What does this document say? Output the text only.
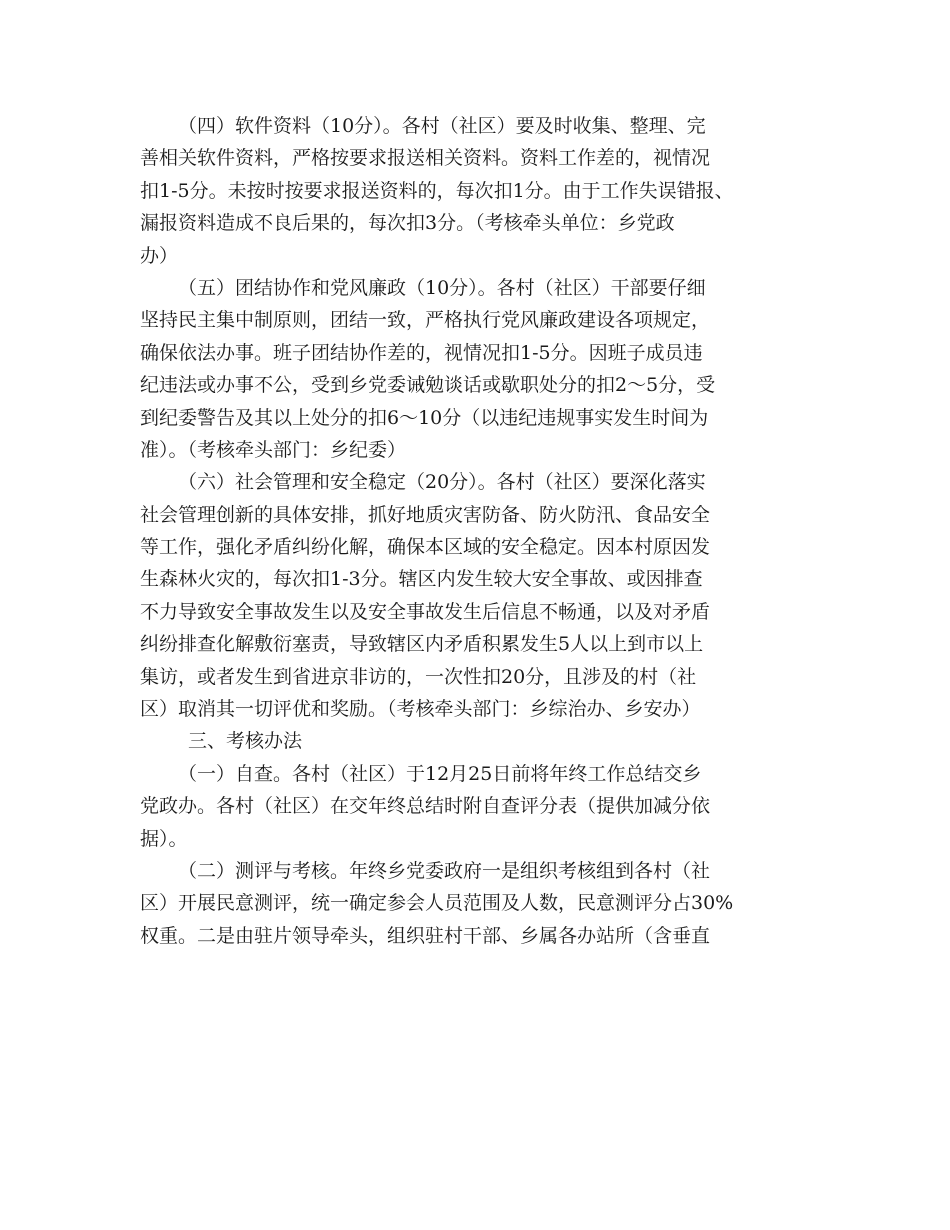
（四）软件资料（10分）。各村（社区）要及时收集、整理、完
善相关软件资料，严格按要求报送相关资料。资料工作差的，视情况
扣1-5分。未按时按要求报送资料的，每次扣1分。由于工作失误错报、
漏报资料造成不良后果的，每次扣3分。（考核牵头单位：乡党政
办）
（五）团结协作和党风廉政（10分）。各村（社区）干部要仔细
坚持民主集中制原则，团结一致，严格执行党风廉政建设各项规定，
确保依法办事。班子团结协作差的，视情况扣1-5分。因班子成员违
纪违法或办事不公，受到乡党委诫勉谈话或歇职处分的扣2～5分，受
到纪委警告及其以上处分的扣6～10分（以违纪违规事实发生时间为
准）。（考核牵头部门：乡纪委）
（六）社会管理和安全稳定（20分）。各村（社区）要深化落实
社会管理创新的具体安排，抓好地质灾害防备、防火防汛、食品安全
等工作，强化矛盾纠纷化解，确保本区域的安全稳定。因本村原因发
生森林火灾的，每次扣1-3分。辖区内发生较大安全事故、或因排查
不力导致安全事故发生以及安全事故发生后信息不畅通，以及对矛盾
纠纷排查化解敷衍塞责，导致辖区内矛盾积累发生5人以上到市以上
集访，或者发生到省进京非访的，一次性扣20分，且涉及的村（社
区）取消其一切评优和奖励。（考核牵头部门：乡综治办、乡安办）
三、考核办法
（一）自查。各村（社区）于12月25日前将年终工作总结交乡
党政办。各村（社区）在交年终总结时附自查评分表（提供加减分依
据）。
（二）测评与考核。年终乡党委政府一是组织考核组到各村（社
区）开展民意测评，统一确定参会人员范围及人数，民意测评分占30%
权重。二是由驻片领导牵头，组织驻村干部、乡属各办站所（含垂直
